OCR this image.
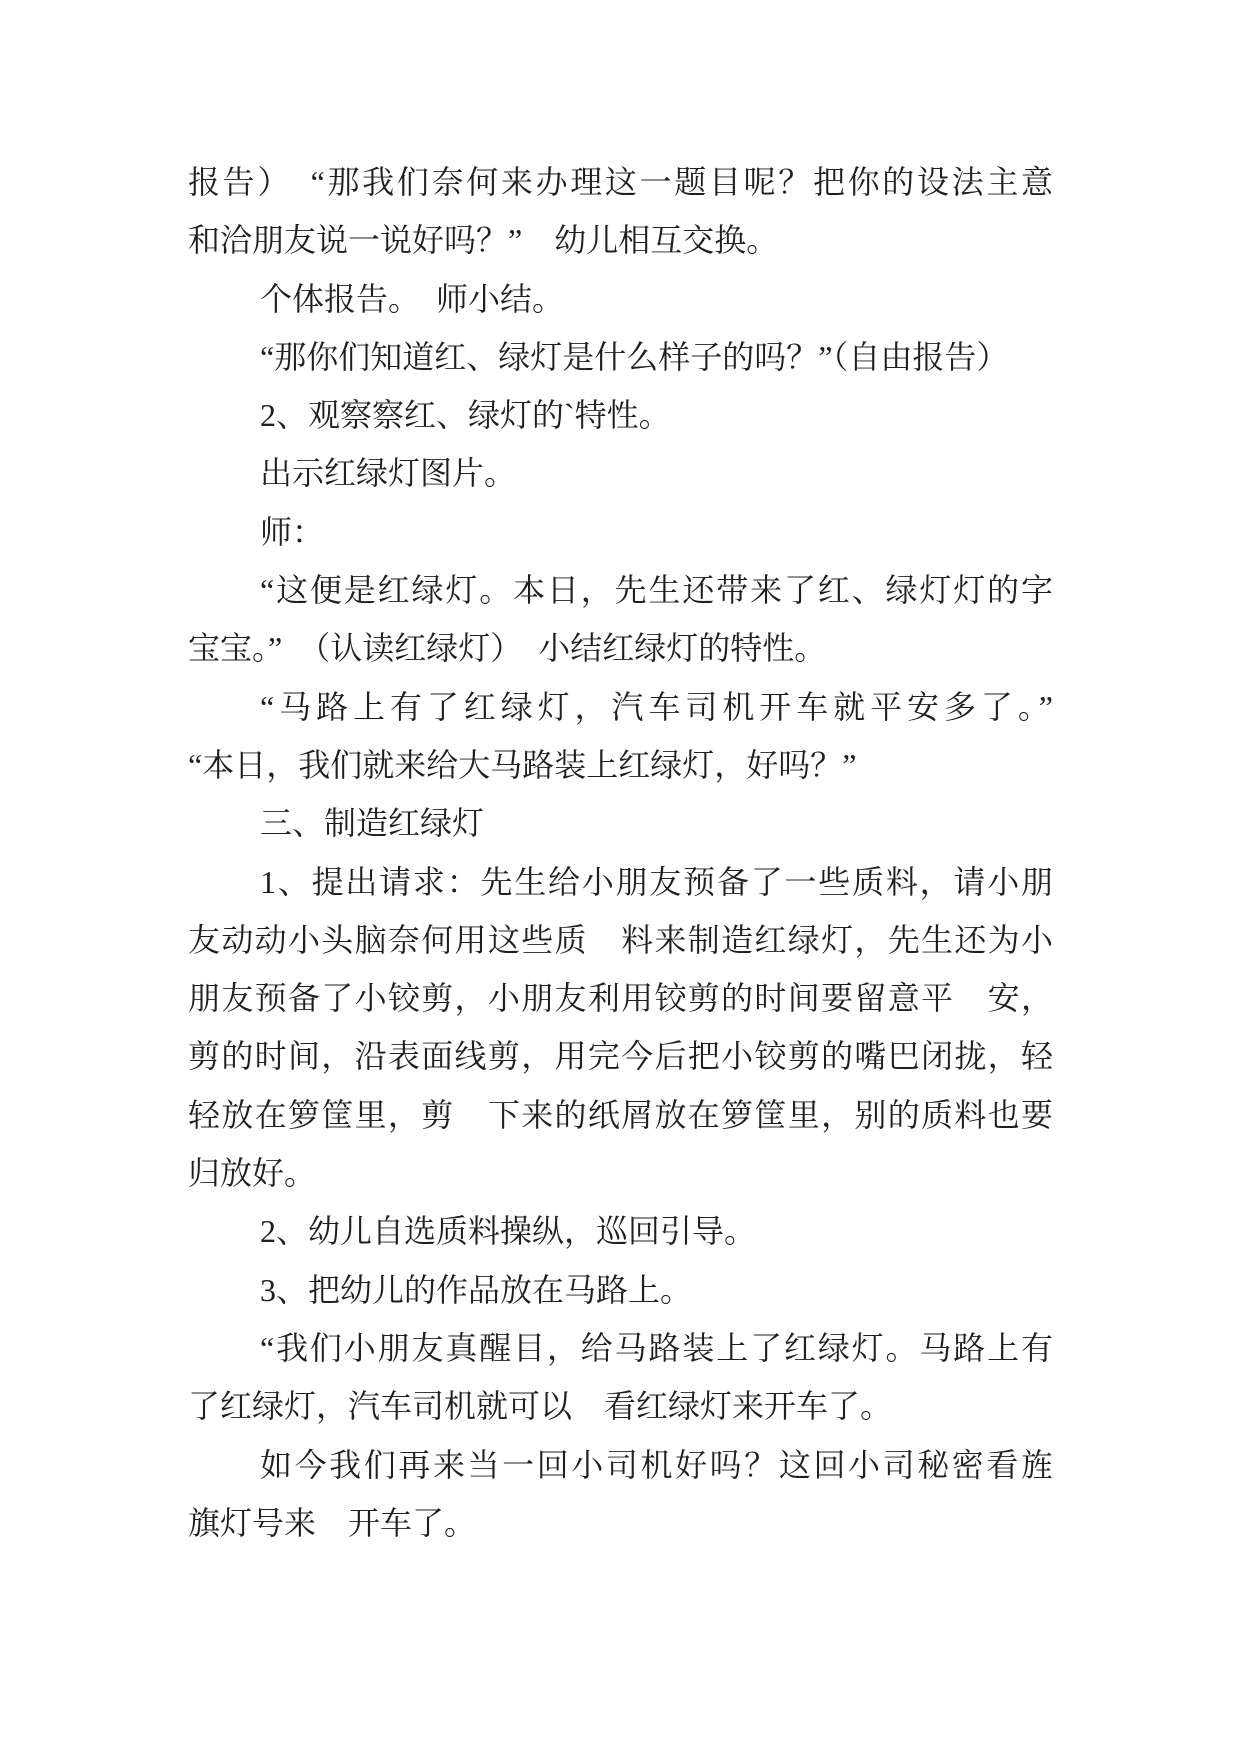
报告）　“那我们奈何来办理这一题目呢？把你的设法主意
和洽朋友说一说好吗？”　幼儿相互交换。
个体报告。　师小结。
“那你们知道红、绿灯是什么样子的吗？”（自由报告）
2、观察察红、绿灯的`特性。
出示红绿灯图片。
师：
“这便是红绿灯。本日，先生还带来了红、绿灯灯的字
宝宝。”　（认读红绿灯）　小结红绿灯的特性。
“马路上有了红绿灯，汽车司机开车就平安多了。”
“本日，我们就来给大马路装上红绿灯，好吗？”
三、制造红绿灯
1、提出请求：先生给小朋友预备了一些质料，请小朋
友动动小头脑奈何用这些质　料来制造红绿灯，先生还为小
朋友预备了小铰剪，小朋友利用铰剪的时间要留意平　安，
剪的时间，沿表面线剪，用完今后把小铰剪的嘴巴闭拢，轻
轻放在箩筐里，剪　下来的纸屑放在箩筐里，别的质料也要
归放好。
2、幼儿自选质料操纵，巡回引导。
3、把幼儿的作品放在马路上。
“我们小朋友真醒目，给马路装上了红绿灯。马路上有
了红绿灯，汽车司机就可以　看红绿灯来开车了。
如今我们再来当一回小司机好吗？这回小司秘密看旌
旗灯号来　开车了。
